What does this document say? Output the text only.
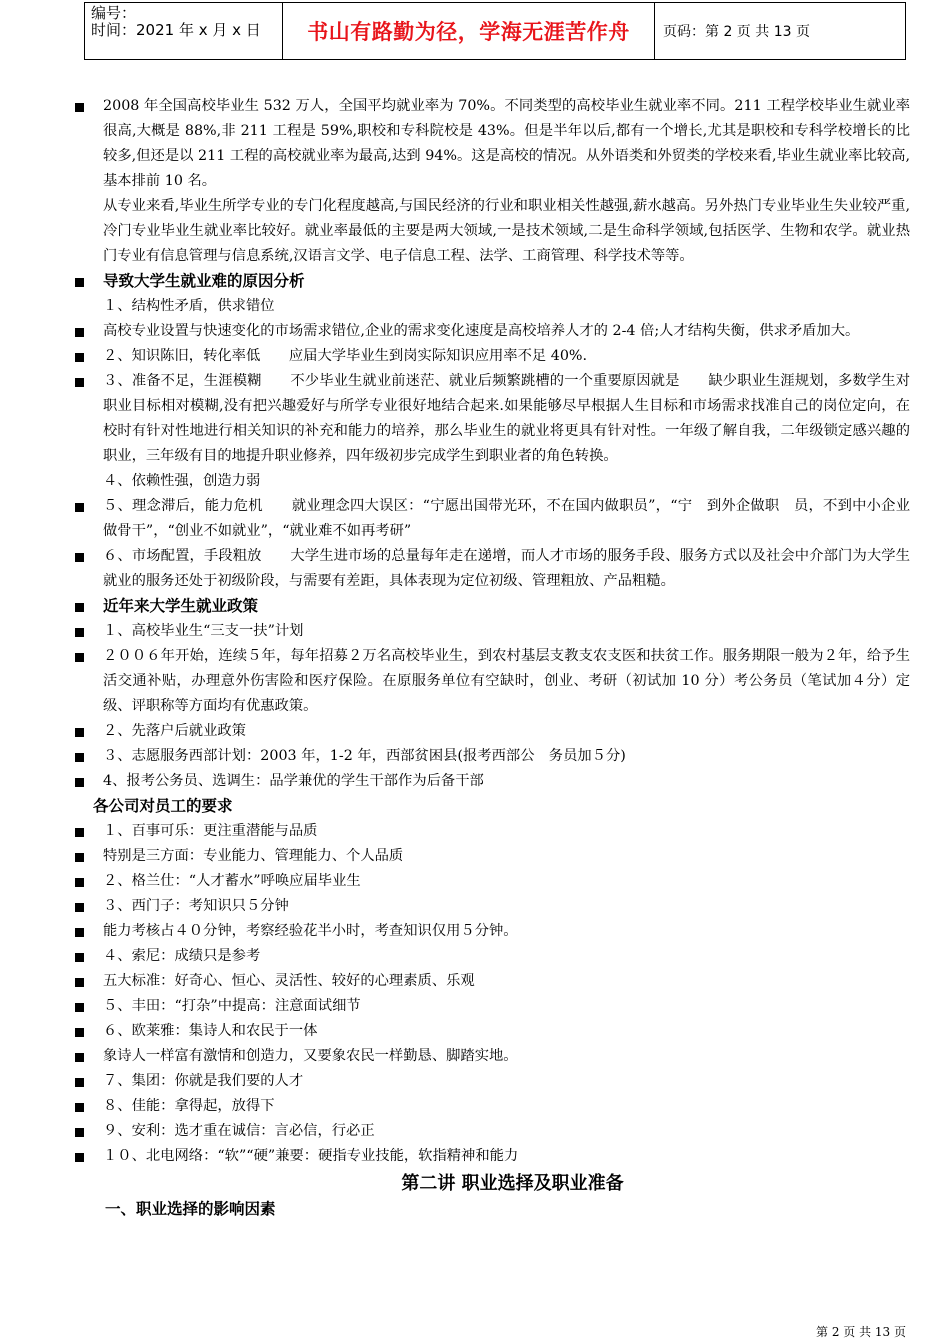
编号：
时间：2021 年 x 月 x 日	书山有路勤为径，学海无涯苦作舟	页码：第 2 页 共 13 页
2008 年全国高校毕业生 532 万人，全国平均就业率为 70%。不同类型的高校毕业生就业率不同。211 工程学校毕业生就业率很高,大概是 88%,非 211 工程是 59%,职校和专科院校是 43%。但是半年以后,都有一个增长,尤其是职校和专科学校增长的比较多,但还是以 211 工程的高校就业率为最高,达到 94%。这是高校的情况。从外语类和外贸类的学校来看,毕业生就业率比较高,基本排前 10 名。
从专业来看,毕业生所学专业的专门化程度越高,与国民经济的行业和职业相关性越强,薪水越高。另外热门专业毕业生失业较严重,冷门专业毕业生就业率比较好。就业率最低的主要是两大领域,一是技术领域,二是生命科学领域,包括医学、生物和农学。就业热门专业有信息管理与信息系统,汉语言文学、电子信息工程、法学、工商管理、科学技术等等。
导致大学生就业难的原因分析
１、结构性矛盾，供求错位
高校专业设置与快速变化的市场需求错位,企业的需求变化速度是高校培养人才的 2-4 倍;人才结构失衡，供求矛盾加大。
２、知识陈旧，转化率低　　应届大学毕业生到岗实际知识应用率不足 40%.
３、准备不足，生涯模糊　　不少毕业生就业前迷茫、就业后频繁跳槽的一个重要原因就是　　缺少职业生涯规划，多数学生对职业目标相对模糊,没有把兴趣爱好与所学专业很好地结合起来.如果能够尽早根据人生目标和市场需求找准自己的岗位定向，在校时有针对性地进行相关知识的补充和能力的培养，那么毕业生的就业将更具有针对性。一年级了解自我，二年级锁定感兴趣的职业，三年级有目的地提升职业修养，四年级初步完成学生到职业者的角色转换。
４、依赖性强，创造力弱
５、理念滞后，能力危机　　就业理念四大误区：“宁愿出国带光环，不在国内做职员”，“宁　到外企做职　员，不到中小企业做骨干”，“创业不如就业”，“就业难不如再考研”
６、市场配置，手段粗放　　大学生进市场的总量每年走在递增，而人才市场的服务手段、服务方式以及社会中介部门为大学生就业的服务还处于初级阶段，与需要有差距，具体表现为定位初级、管理粗放、产品粗糙。
近年来大学生就业政策
１、高校毕业生“三支一扶”计划
２００６年开始，连续５年，每年招募２万名高校毕业生，到农村基层支教支农支医和扶贫工作。服务期限一般为２年，给予生活交通补贴，办理意外伤害险和医疗保险。在原服务单位有空缺时，创业、考研（初试加 10 分）考公务员（笔试加４分）定级、评职称等方面均有优惠政策。
２、先落户后就业政策
３、志愿服务西部计划：2003 年，1-2 年，西部贫困县(报考西部公　务员加５分)
4、报考公务员、选调生：品学兼优的学生干部作为后备干部
各公司对员工的要求
１、百事可乐：更注重潜能与品质
特别是三方面：专业能力、管理能力、个人品质
２、格兰仕：“人才蓄水”呼唤应届毕业生
３、西门子：考知识只５分钟
能力考核占４０分钟，考察经验花半小时，考查知识仅用５分钟。
４、索尼：成绩只是参考
五大标准：好奇心、恒心、灵活性、较好的心理素质、乐观
５、丰田：“打杂”中提高：注意面试细节
６、欧莱雅：集诗人和农民于一体
象诗人一样富有激情和创造力，又要象农民一样勤恳、脚踏实地。
７、集团：你就是我们要的人才
８、佳能：拿得起，放得下
９、安利：选才重在诚信：言必信，行必正
１０、北电网络：“软”“硬”兼要：硬指专业技能，软指精神和能力
第二讲 职业选择及职业准备
一、职业选择的影响因素
第 2 页 共 13 页
